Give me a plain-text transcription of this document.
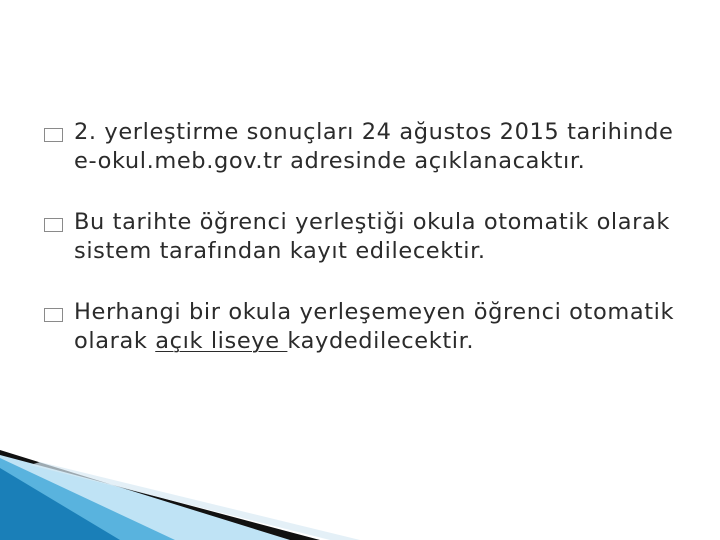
2. yerleştirme sonuçları 24 ağustos 2015 tarihinde e-okul.meb.gov.tr adresinde açıklanacaktır.
Bu tarihte öğrenci yerleştiği okula otomatik olarak sistem tarafından kayıt edilecektir.
Herhangi bir okula yerleşemeyen öğrenci otomatik olarak açık liseye kaydedilecektir.
